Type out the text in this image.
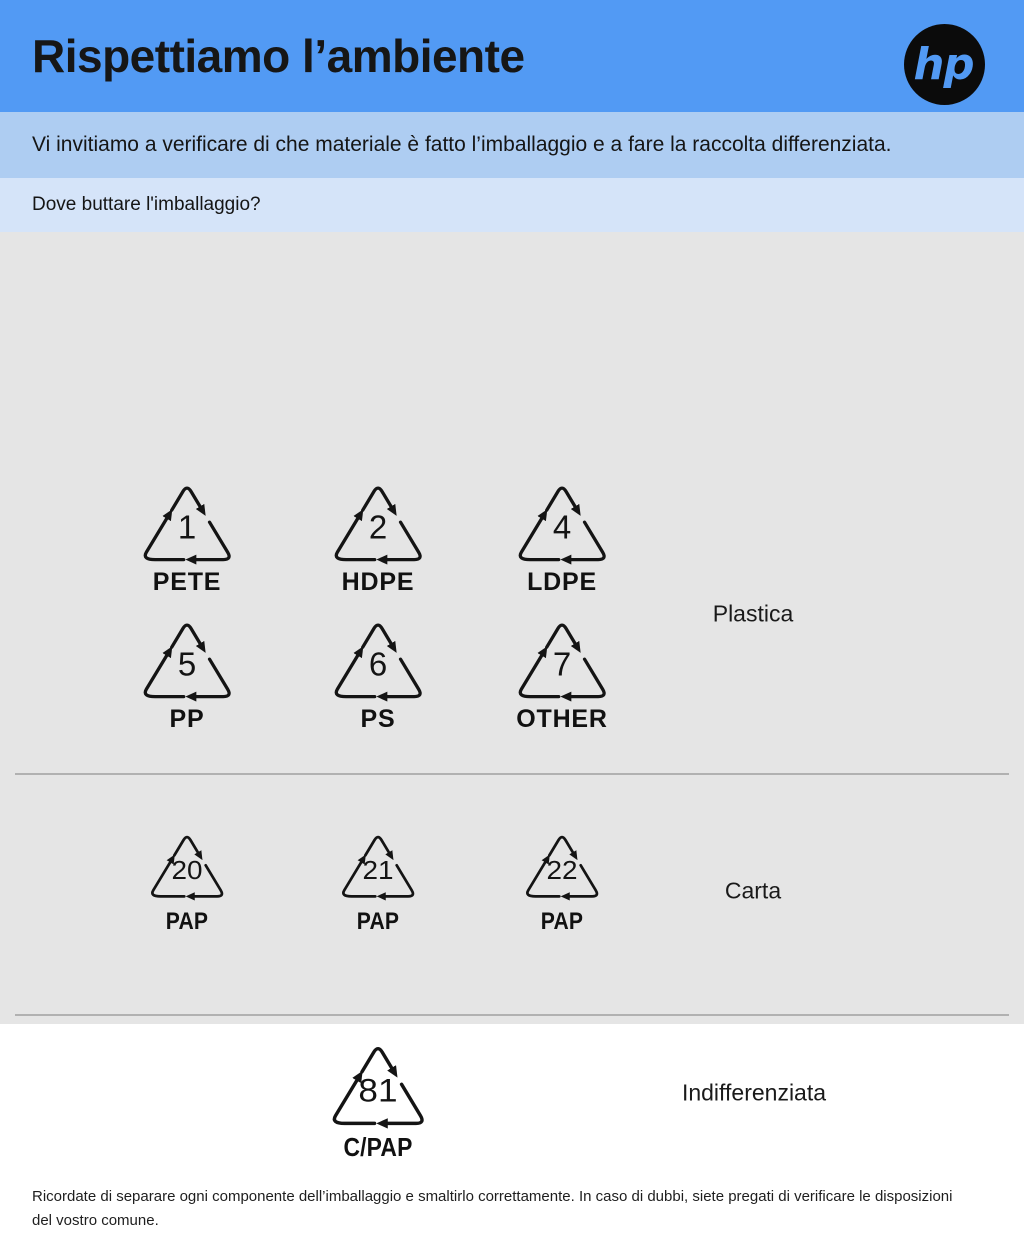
Rispettiamo l’ambiente	hp

Vi invitiamo a verificare di che materiale è fatto l’imballaggio e a fare la raccolta differenziata.

Dove buttare l'imballaggio?

1
PETE
2
HDPE
4
LDPE
5
PP
6
PS
7
OTHER
Plastica
20
PAP
21
PAP
22
PAP
Carta
81
C/PAP
Indifferenziata

Ricordate di separare ogni componente dell’imballaggio e smaltirlo correttamente. In caso di dubbi, siete pregati di verificare le disposizioni del vostro comune.
